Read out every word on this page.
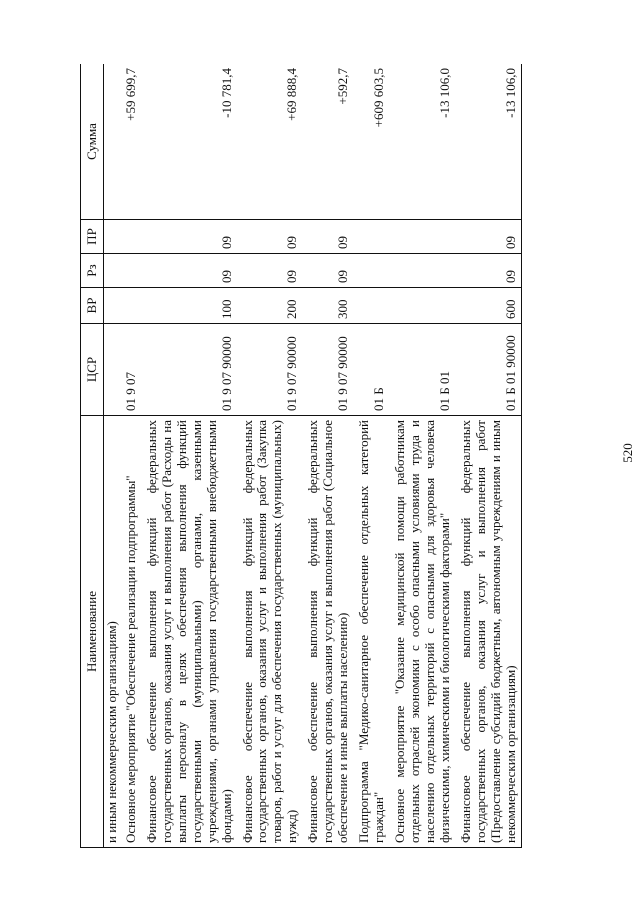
520
Наименование	ЦСР	ВР	Рз	ПР	Сумма
и иным некоммерческим организациям)					
Основное мероприятие "Обеспечение реализации подпрограммы"	01 9 07				+59 699,7
Финансовое обеспечение выполнения функций федеральных государственных органов, оказания услуг и выполнения работ (Расходы на выплаты персоналу в целях обеспечения выполнения функций государственными (муниципальными) органами, казенными учреждениями, органами управления государственными внебюджетными фондами)	01 9 07 90000	100	09	09	-10 781,4
Финансовое обеспечение выполнения функций федеральных государственных органов, оказания услуг и выполнения работ (Закупка товаров, работ и услуг для обеспечения государственных (муниципальных) нужд)	01 9 07 90000	200	09	09	+69 888,4
Финансовое обеспечение выполнения функций федеральных государственных органов, оказания услуг и выполнения работ (Социальное обеспечение и иные выплаты населению)	01 9 07 90000	300	09	09	+592,7
Подпрограмма "Медико-санитарное обеспечение отдельных категорий граждан"	01 Б				+609 603,5
Основное мероприятие "Оказание медицинской помощи работникам отдельных отраслей экономики с особо опасными условиями труда и населению отдельных территорий с опасными для здоровья человека физическими, химическими и биологическими факторами"	01 Б 01				-13 106,0
Финансовое обеспечение выполнения функций федеральных государственных органов, оказания услуг и выполнения работ (Предоставление субсидий бюджетным, автономным учреждениям и иным некоммерческим организациям)	01 Б 01 90000	600	09	09	-13 106,0
